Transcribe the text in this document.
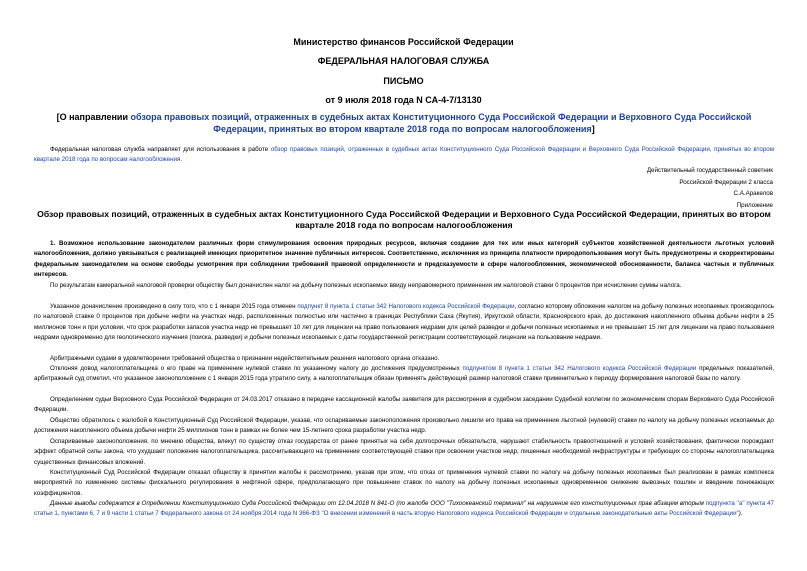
Министерство финансов Российской Федерации
ФЕДЕРАЛЬНАЯ НАЛОГОВАЯ СЛУЖБА
ПИСЬМО
от 9 июля 2018 года N СА-4-7/13130
[О направлении обзора правовых позиций, отраженных в судебных актах Конституционного Суда Российской Федерации и Верховного Суда Российской Федерации, принятых во втором квартале 2018 года по вопросам налогообложения]
Федеральная налоговая служба направляет для использования в работе обзор правовых позиций, отраженных в судебных актах Конституционного Суда Российской Федерации и Верховного Суда Российской Федерации, принятых во втором квартале 2018 года по вопросам налогообложения.
Действительный государственный советник
Российской Федерации 2 класса
С.А.Аракелов
Приложение
Обзор правовых позиций, отраженных в судебных актах Конституционного Суда Российской Федерации и Верховного Суда Российской Федерации, принятых во втором квартале 2018 года по вопросам налогообложения
1. Возможное использование законодателем различных форм стимулирования освоения природных ресурсов, включая создание для тех или иных категорий субъектов хозяйственной деятельности льготных условий налогообложения, должно увязываться с реализацией имеющих приоритетное значение публичных интересов. Соответственно, исключения из принципа платности природопользования могут быть предусмотрены и скорректированы федеральным законодателем на основе свободы усмотрения при соблюдении требований правовой определенности и предсказуемости в сфере налогообложения, экономической обоснованности, баланса частных и публичных интересов.
По результатам камеральной налоговой проверки обществу был доначислен налог на добычу полезных ископаемых ввиду неправомерного применения им налоговой ставки 0 процентов при исчислении суммы налога.
Указанное доначисление произведено в силу того, что с 1 января 2015 года отменен подпункт 8 пункта 1 статьи 342 Налогового кодекса Российской Федерации, согласно которому обложение налогом на добычу полезных ископаемых производилось по налоговой ставке 0 процентов при добыче нефти на участках недр, расположенных полностью или частично в границах Республики Саха (Якутия), Иркутской области, Красноярского края, до достижения накопленного объема добычи нефти в 25 миллионов тонн и при условии, что срок разработки запасов участка недр не превышает 10 лет для лицензии на право пользования недрами для целей разведки и добычи полезных ископаемых и не превышает 15 лет для лицензии на право пользования недрами одновременно для геологического изучения (поиска, разведки) и добычи полезных ископаемых с даты государственной регистрации соответствующей лицензии на пользование недрами.
Арбитражными судами в удовлетворении требований общества о признании недействительным решения налогового органа отказано.
Отклоняя довод налогоплательщика о его праве на применение нулевой ставки по указанному налогу до достижения предусмотренных подпунктом 8 пункта 1 статьи 342 Налогового кодекса Российской Федерации предельных показателей, арбитражный суд отметил, что указанное законоположение с 1 января 2015 года утратило силу, а налогоплательщик обязан применять действующий размер налоговой ставки применительно к периоду формирования налоговой базы по налогу.
Определением судьи Верховного Суда Российской Федерации от 24.03.2017 отказано в передаче кассационной жалобы заявителя для рассмотрения в судебном заседании Судебной коллегии по экономическим спорам Верховного Суда Российской Федерации.
Общество обратилось с жалобой в Конституционный Суд Российской Федерации, указав, что оспариваемые законоположения произвольно лишили его права на применение льготной (нулевой) ставки по налогу на добычу полезных ископаемых до достижения накопленного объема добычи нефти 25 миллионов тонн в рамках не более чем 15-летнего срока разработки участка недр.
Оспариваемые законоположения, по мнению общества, влекут по существу отказ государства от ранее принятых на себя долгосрочных обязательств, нарушают стабильность правоотношений и условий хозяйствования, фактически порождают эффект обратной силы закона, что ухудшает положение налогоплательщика, рассчитывающего на применение соответствующей ставки при освоении участков недр, лишенных необходимой инфраструктуры и требующих со стороны налогоплательщика существенных финансовых вложений.
Конституционный Суд Российской Федерации отказал обществу в принятии жалобы к рассмотрению, указав при этом, что отказ от применения нулевой ставки по налогу на добычу полезных ископаемых был реализован в рамках комплекса мероприятий по изменению системы фискального регулирования в нефтяной сфере, предполагающего при повышении ставок по налогу на добычу полезных ископаемых одновременное снижение вывозных пошлин и введение понижающих коэффициентов.
Данные выводы содержатся в Определении Конституционного Суда Российской Федерации от 12.04.2018 N 841-О (по жалобе ООО "Тихоокеанский терминал" на нарушение его конституционных прав абзацем вторым подпункта "а" пункта 47 статьи 1, пунктами 6, 7 и 9 части 1 статьи 7 Федерального закона от 24 ноября 2014 года N 366-ФЗ "О внесении изменений в часть вторую Налогового кодекса Российской Федерации и отдельные законодательные акты Российской Федерации").
